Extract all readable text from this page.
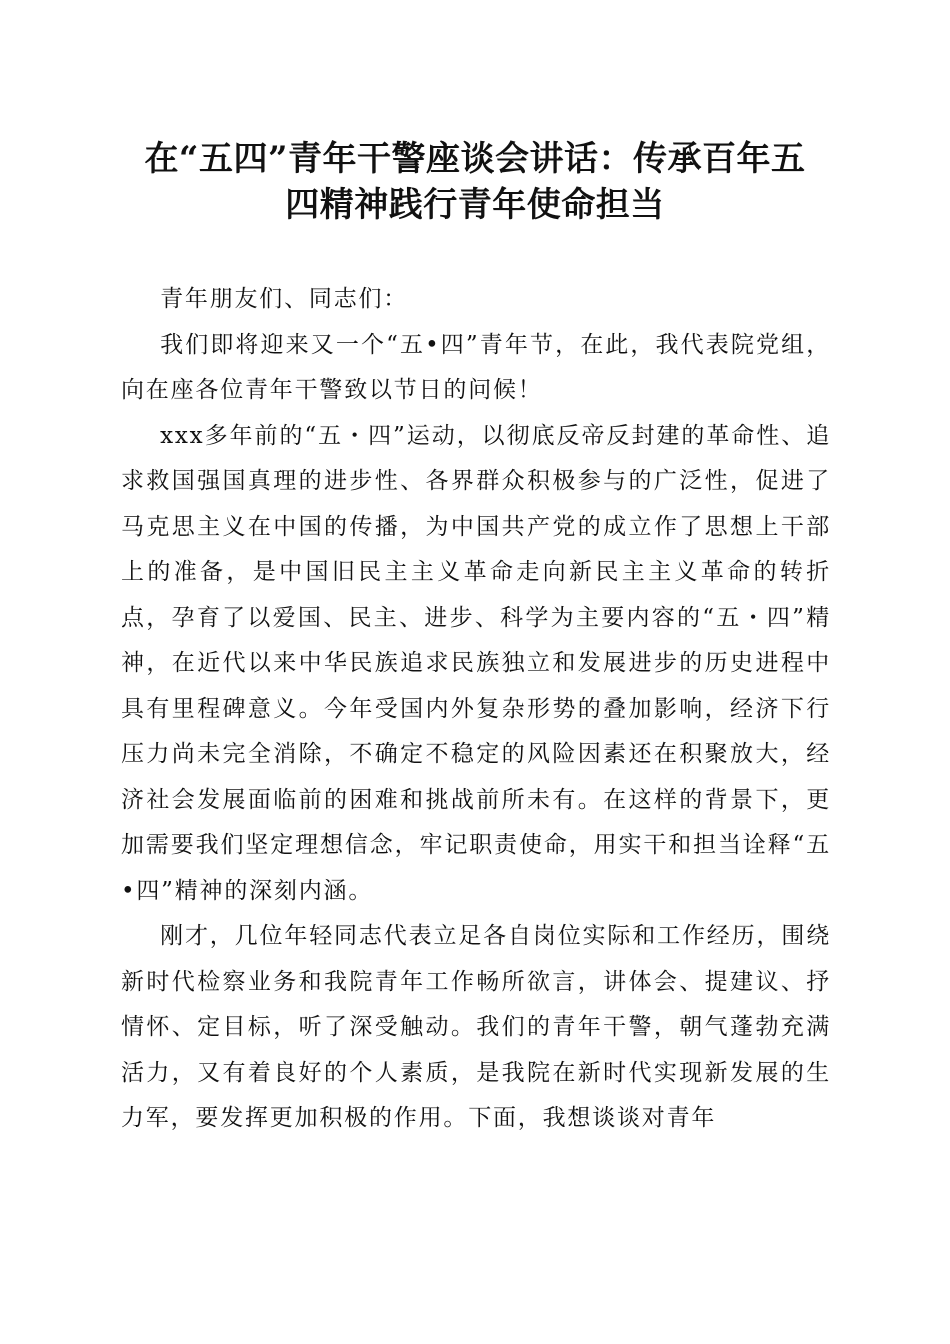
在“五四”青年干警座谈会讲话：传承百年五
四精神践行青年使命担当

青年朋友们、同志们：

我们即将迎来又一个“五•四”青年节，在此，我代表院党组，向在座各位青年干警致以节日的问候！

xxx多年前的“五・四”运动，以彻底反帝反封建的革命性、追求救国强国真理的进步性、各界群众积极参与的广泛性，促进了马克思主义在中国的传播，为中国共产党的成立作了思想上干部上的准备，是中国旧民主主义革命走向新民主主义革命的转折点，孕育了以爱国、民主、进步、科学为主要内容的“五・四”精神，在近代以来中华民族追求民族独立和发展进步的历史进程中具有里程碑意义。今年受国内外复杂形势的叠加影响，经济下行压力尚未完全消除，不确定不稳定的风险因素还在积聚放大，经济社会发展面临前的困难和挑战前所未有。在这样的背景下，更加需要我们坚定理想信念，牢记职责使命，用实干和担当诠释“五•四”精神的深刻内涵。

刚才，几位年轻同志代表立足各自岗位实际和工作经历，围绕新时代检察业务和我院青年工作畅所欲言，讲体会、提建议、抒情怀、定目标，听了深受触动。我们的青年干警，朝气蓬勃充满活力，又有着良好的个人素质，是我院在新时代实现新发展的生力军，要发挥更加积极的作用。下面，我想谈谈对青年
